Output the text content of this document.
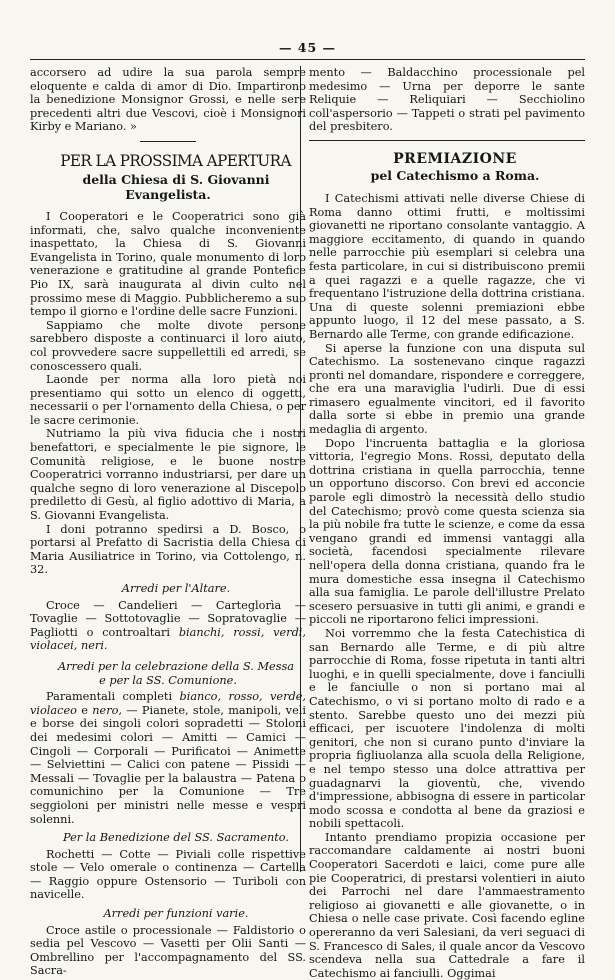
— 45 —

accorsero ad udire la sua parola sempre eloquente e calda di amor di Dio. Impartirono la benedizione Monsignor Grossi, e nelle sere precedenti altri due Vescovi, cioè i Monsignori Kirby e Mariano. »

PER LA PROSSIMA APERTURA

della Chiesa di S. Giovanni Evangelista.

I Cooperatori e le Cooperatrici sono già informati, che, salvo qualche inconveniente inaspettato, la Chiesa di S. Giovanni Evangelista in Torino, quale monumento di loro venerazione e gratitudine al grande Pontefice Pio IX, sarà inaugurata al divin culto nel prossimo mese di Maggio. Pubblicheremo a suo tempo il giorno e l'ordine delle sacre Funzioni.

Sappiamo che molte divote persone sarebbero disposte a continuarci il loro aiuto, col provvedere sacre suppellettili ed arredi, se conoscessero quali.

Laonde per norma alla loro pietà noi presentiamo qui sotto un elenco di oggetti, necessarii o per l'ornamento della Chiesa, o per le sacre cerimonie.

Nutriamo la più viva fiducia che i nostri benefattori, e specialmente le pie signore, le Comunità religiose, e le buone nostre Cooperatrici vorranno industriarsi, per dare un qualche segno di loro venerazione al Discepolo prediletto di Gesù, al figlio adottivo di Maria, a S. Giovanni Evangelista.

I doni potranno spedirsi a D. Bosco, o portarsi al Prefatto di Sacristia della Chiesa di Maria Ausiliatrice in Torino, via Cottolengo, n. 32.

Arredi per l'Altare.

Croce — Candelieri — Carteglorìa — Tovaglie — Sottotovaglie — Sopratovaglie — Pagliotti o controaltari bianchi, rossi, verdi, violacei, neri.

Arredi per la celebrazione della S. Messa
e per la SS. Comunione.

Paramentali completi bianco, rosso, verde, violaceo e nero, — Pianete, stole, manipoli, veli e borse dei singoli colori sopradetti — Stoloni dei medesimi colori — Amitti — Camici — Cingoli — Corporali — Purificatoi — Animette — Selviettini — Calici con patene — Pissidi — Messali — Tovaglie per la balaustra — Patena o comunichino per la Comunione — Tre seggioloni per ministri nelle messe e vespri solenni.

Per la Benedizione del SS. Sacramento.

Rochetti — Cotte — Piviali colle rispettive stole — Velo omerale o continenza — Cartella — Raggio oppure Ostensorio — Turiboli con navicelle.

Arredi per funzioni varie.

Croce astile o processionale — Faldistorio o sedia pel Vescovo — Vasetti per Olii Santi — Ombrellino per l'accompagnamento del SS. Sacra-

mento — Baldacchino processionale pel medesimo — Urna per deporre le sante Reliquie — Reliquiari — Secchiolino coll'aspersorio — Tappeti o strati pel pavimento del presbitero.

PREMIAZIONE

pel Catechismo a Roma.

I Catechismi attivati nelle diverse Chiese di Roma danno ottimi frutti, e moltissimi giovanetti ne riportano consolante vantaggio. A maggiore eccitamento, di quando in quando nelle parrocchie più esemplari si celebra una festa particolare, in cui si distribuiscono premii a quei ragazzi e a quelle ragazze, che vi frequentano l'istruzione della dottrina cristiana. Una di queste solenni premiazioni ebbe appunto luogo, il 12 del mese passato, a S. Bernardo alle Terme, con grande edificazione.

Si aperse la funzione con una disputa sul Catechismo. La sostenevano cinque ragazzi pronti nel domandare, rispondere e correggere, che era una maraviglia l'udirli. Due di essi rimasero egualmente vincitori, ed il favorito dalla sorte si ebbe in premio una grande medaglia di argento.

Dopo l'incruenta battaglia e la gloriosa vittoria, l'egregio Mons. Rossi, deputato della dottrina cristiana in quella parrocchia, tenne un opportuno discorso. Con brevi ed acconcie parole egli dimostrò la necessità dello studio del Catechismo; provò come questa scienza sia la più nobile fra tutte le scienze, e come da essa vengano grandi ed immensi vantaggi alla società, facendosi specialmente rilevare nell'opera della donna cristiana, quando fra le mura domestiche essa insegna il Catechismo alla sua famiglia. Le parole dell'illustre Prelato scesero persuasive in tutti gli animi, e grandi e piccoli ne riportarono felici impressioni.

Noi vorremmo che la festa Catechistica di san Bernardo alle Terme, e di più altre parrocchie di Roma, fosse ripetuta in tanti altri luoghi, e in quelli specialmente, dove i fanciulli e le fanciulle o non si portano mai al Catechismo, o vi si portano molto di rado e a stento. Sarebbe questo uno dei mezzi più efficaci, per iscuotere l'indolenza di molti genitori, che non si curano punto d'inviare la propria figliuolanza alla scuola della Religione, e nel tempo stesso una dolce attrattiva per guadagnarvi la gioventù, che, vivendo d'impressione, abbisogna di essere in particolar modo scossa e condotta al bene da graziosi e nobili spettacoli.

Intanto prendiamo propizia occasione per raccomandare caldamente ai nostri buoni Cooperatori Sacerdoti e laici, come pure alle pie Cooperatrici, di prestarsi volentieri in aiuto dei Parrochi nel dare l'ammaestramento religioso ai giovanetti e alle giovanette, o in Chiesa o nelle case private. Così facendo egline opereranno da veri Salesiani, da veri seguaci di S. Francesco di Sales, il quale ancor da Vescovo scendeva nella sua Cattedrale a fare il Catechismo ai fanciulli. Oggimai
